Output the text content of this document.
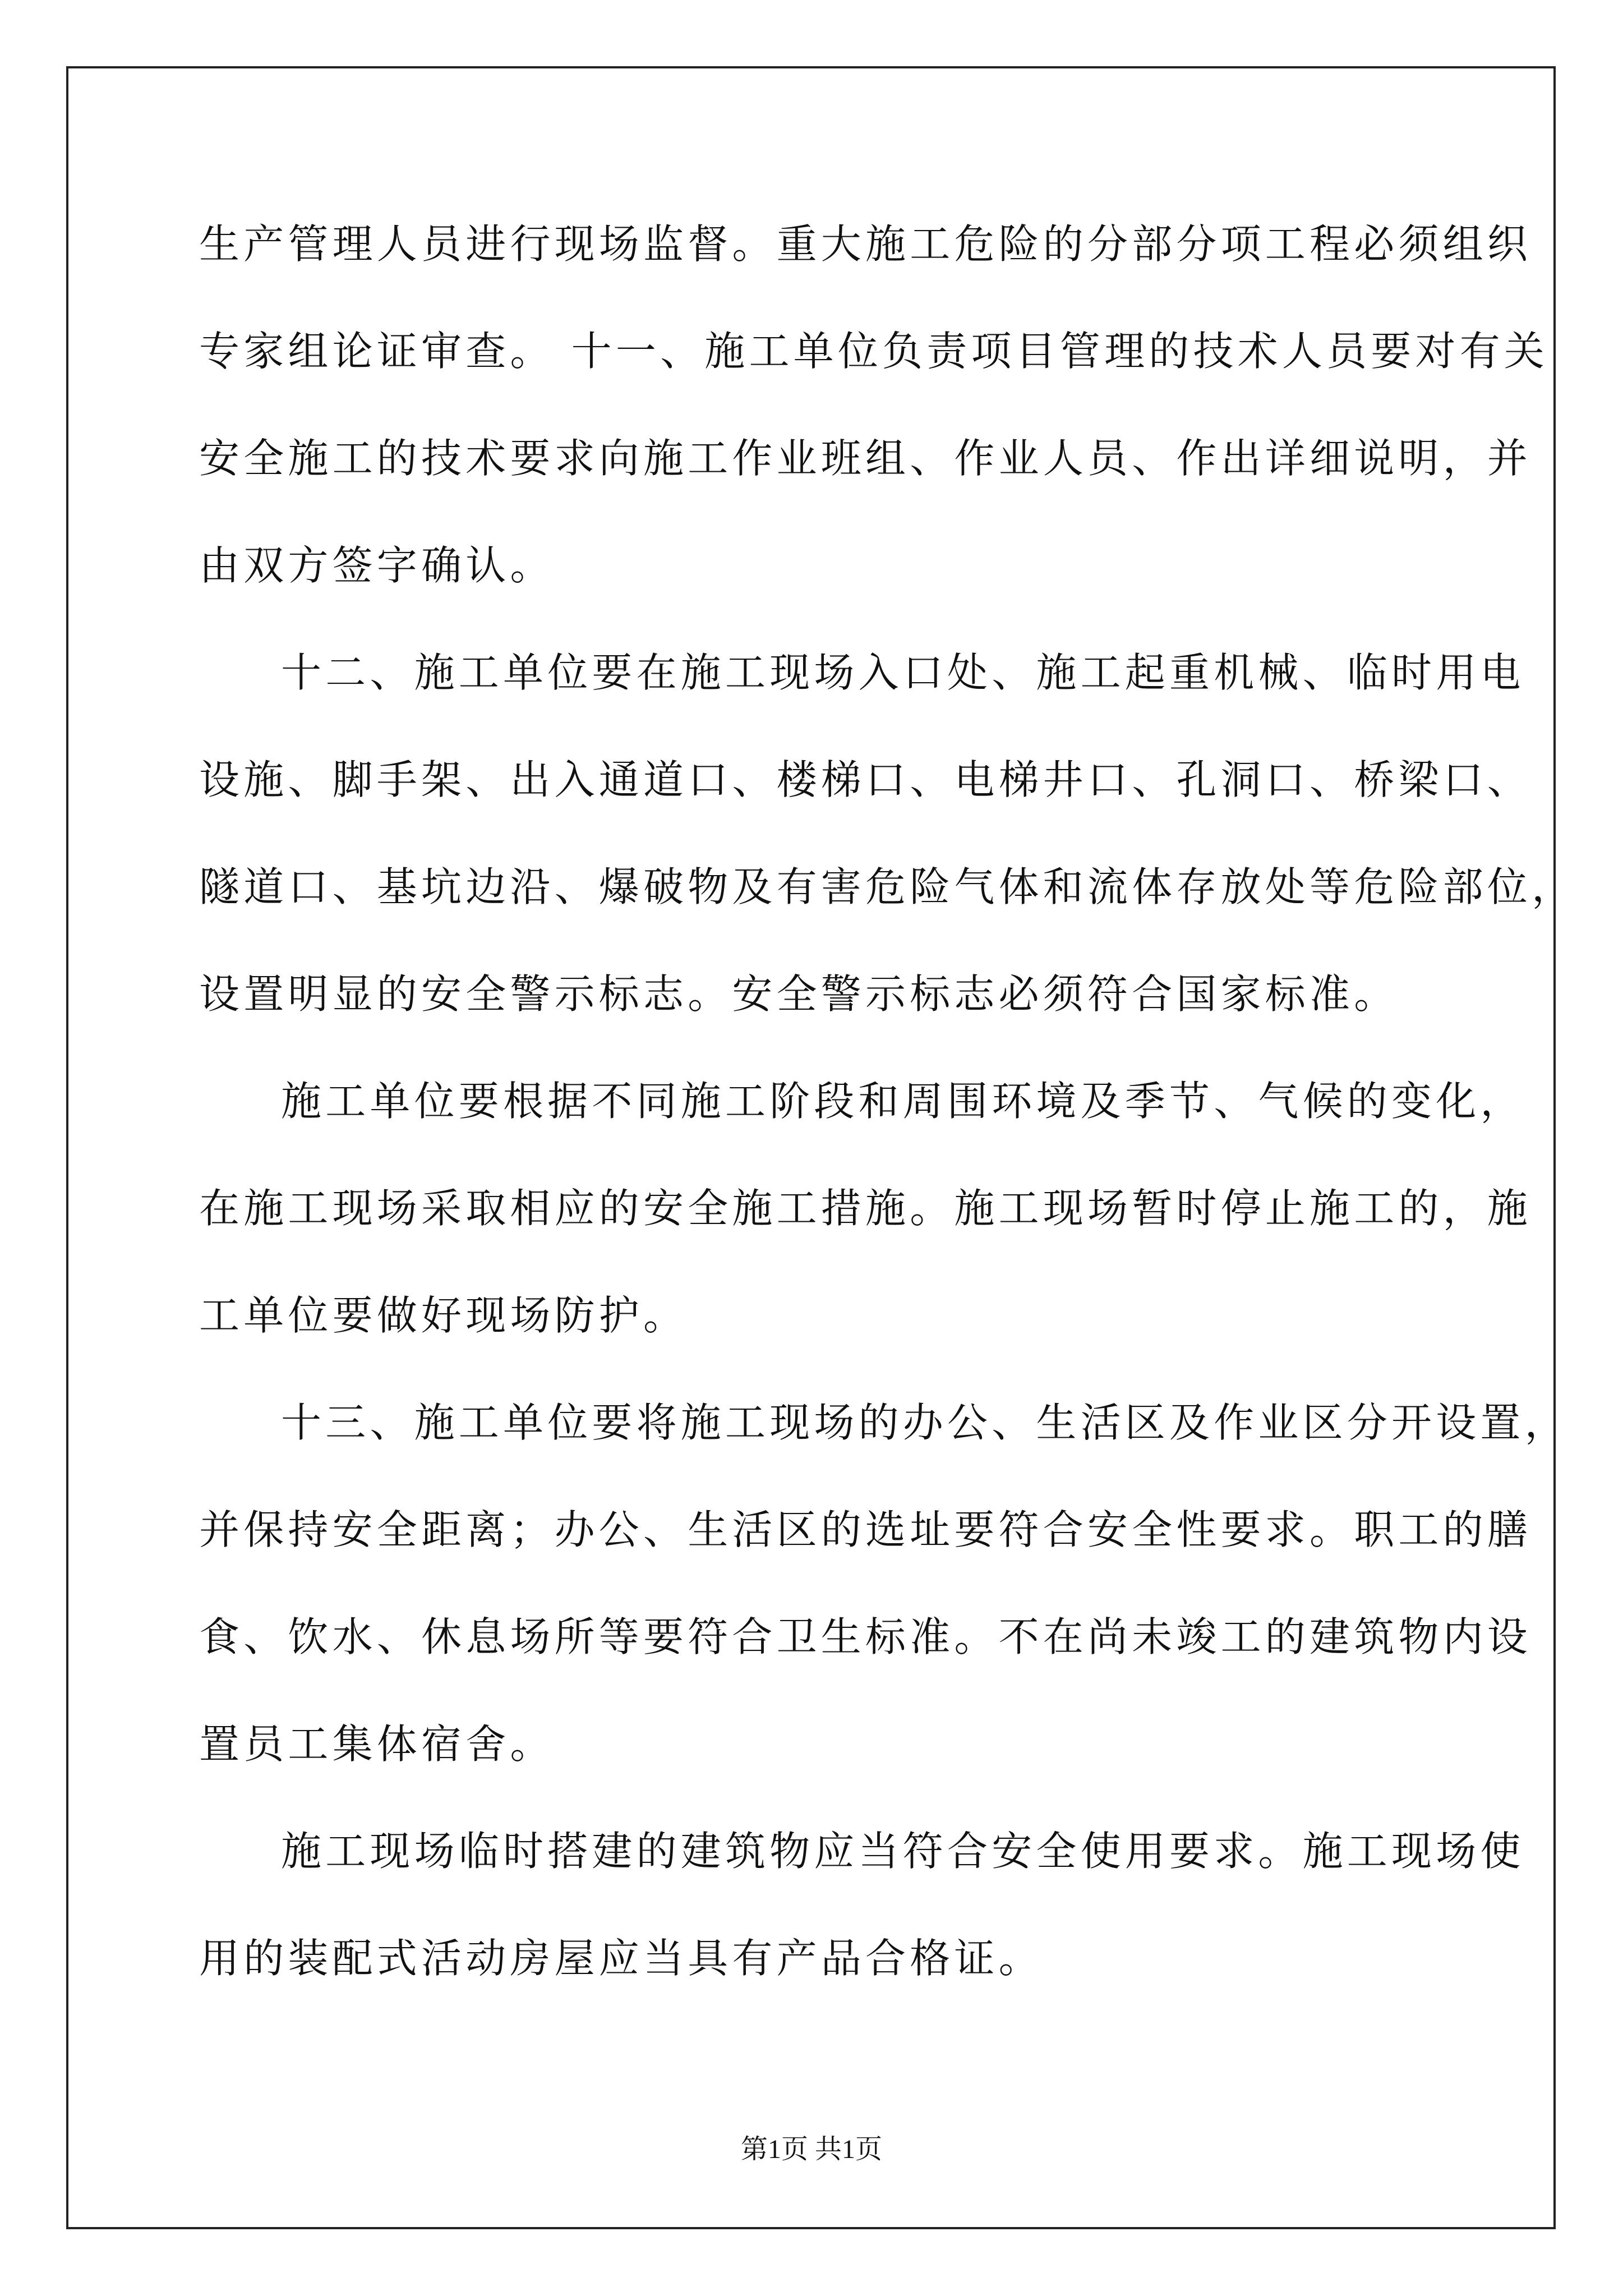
生产管理人员进行现场监督。重大施工危险的分部分项工程必须组织
专家组论证审查。 十一、施工单位负责项目管理的技术人员要对有关
安全施工的技术要求向施工作业班组、作业人员、作出详细说明，并
由双方签字确认。
十二、施工单位要在施工现场入口处、施工起重机械、临时用电
设施、脚手架、出入通道口、楼梯口、电梯井口、孔洞口、桥梁口、
隧道口、基坑边沿、爆破物及有害危险气体和流体存放处等危险部位，
设置明显的安全警示标志。安全警示标志必须符合国家标准。
施工单位要根据不同施工阶段和周围环境及季节、气候的变化，
在施工现场采取相应的安全施工措施。施工现场暂时停止施工的，施
工单位要做好现场防护。
十三、施工单位要将施工现场的办公、生活区及作业区分开设置，
并保持安全距离；办公、生活区的选址要符合安全性要求。职工的膳
食、饮水、休息场所等要符合卫生标准。不在尚未竣工的建筑物内设
置员工集体宿舍。
施工现场临时搭建的建筑物应当符合安全使用要求。施工现场使
用的装配式活动房屋应当具有产品合格证。
第1页 共1页
